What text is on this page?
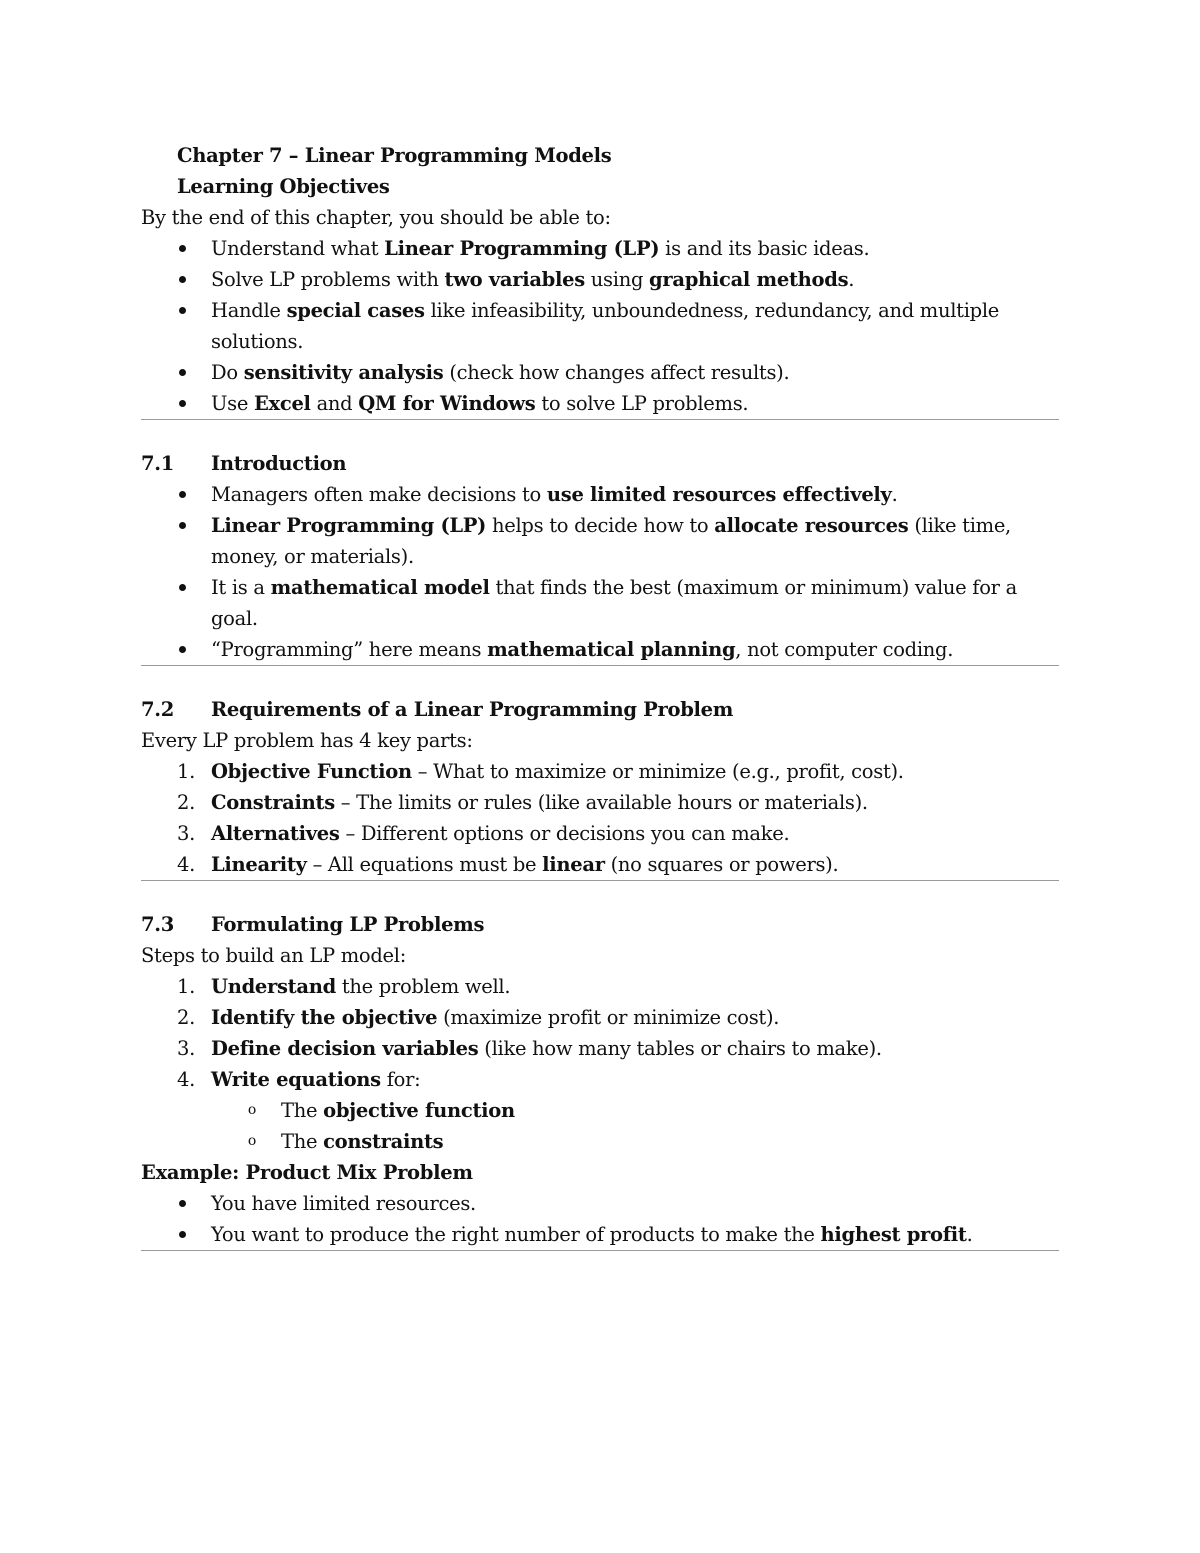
Chapter 7 – Linear Programming Models
Learning Objectives
By the end of this chapter, you should be able to:
Understand what Linear Programming (LP) is and its basic ideas.
Solve LP problems with two variables using graphical methods.
Handle special cases like infeasibility, unboundedness, redundancy, and multiple solutions.
Do sensitivity analysis (check how changes affect results).
Use Excel and QM for Windows to solve LP problems.
7.1 Introduction
Managers often make decisions to use limited resources effectively.
Linear Programming (LP) helps to decide how to allocate resources (like time, money, or materials).
It is a mathematical model that finds the best (maximum or minimum) value for a goal.
“Programming” here means mathematical planning, not computer coding.
7.2 Requirements of a Linear Programming Problem
Every LP problem has 4 key parts:
1. Objective Function – What to maximize or minimize (e.g., profit, cost).
2. Constraints – The limits or rules (like available hours or materials).
3. Alternatives – Different options or decisions you can make.
4. Linearity – All equations must be linear (no squares or powers).
7.3 Formulating LP Problems
Steps to build an LP model:
1. Understand the problem well.
2. Identify the objective (maximize profit or minimize cost).
3. Define decision variables (like how many tables or chairs to make).
4. Write equations for:
o The objective function
o The constraints
Example: Product Mix Problem
You have limited resources.
You want to produce the right number of products to make the highest profit.
